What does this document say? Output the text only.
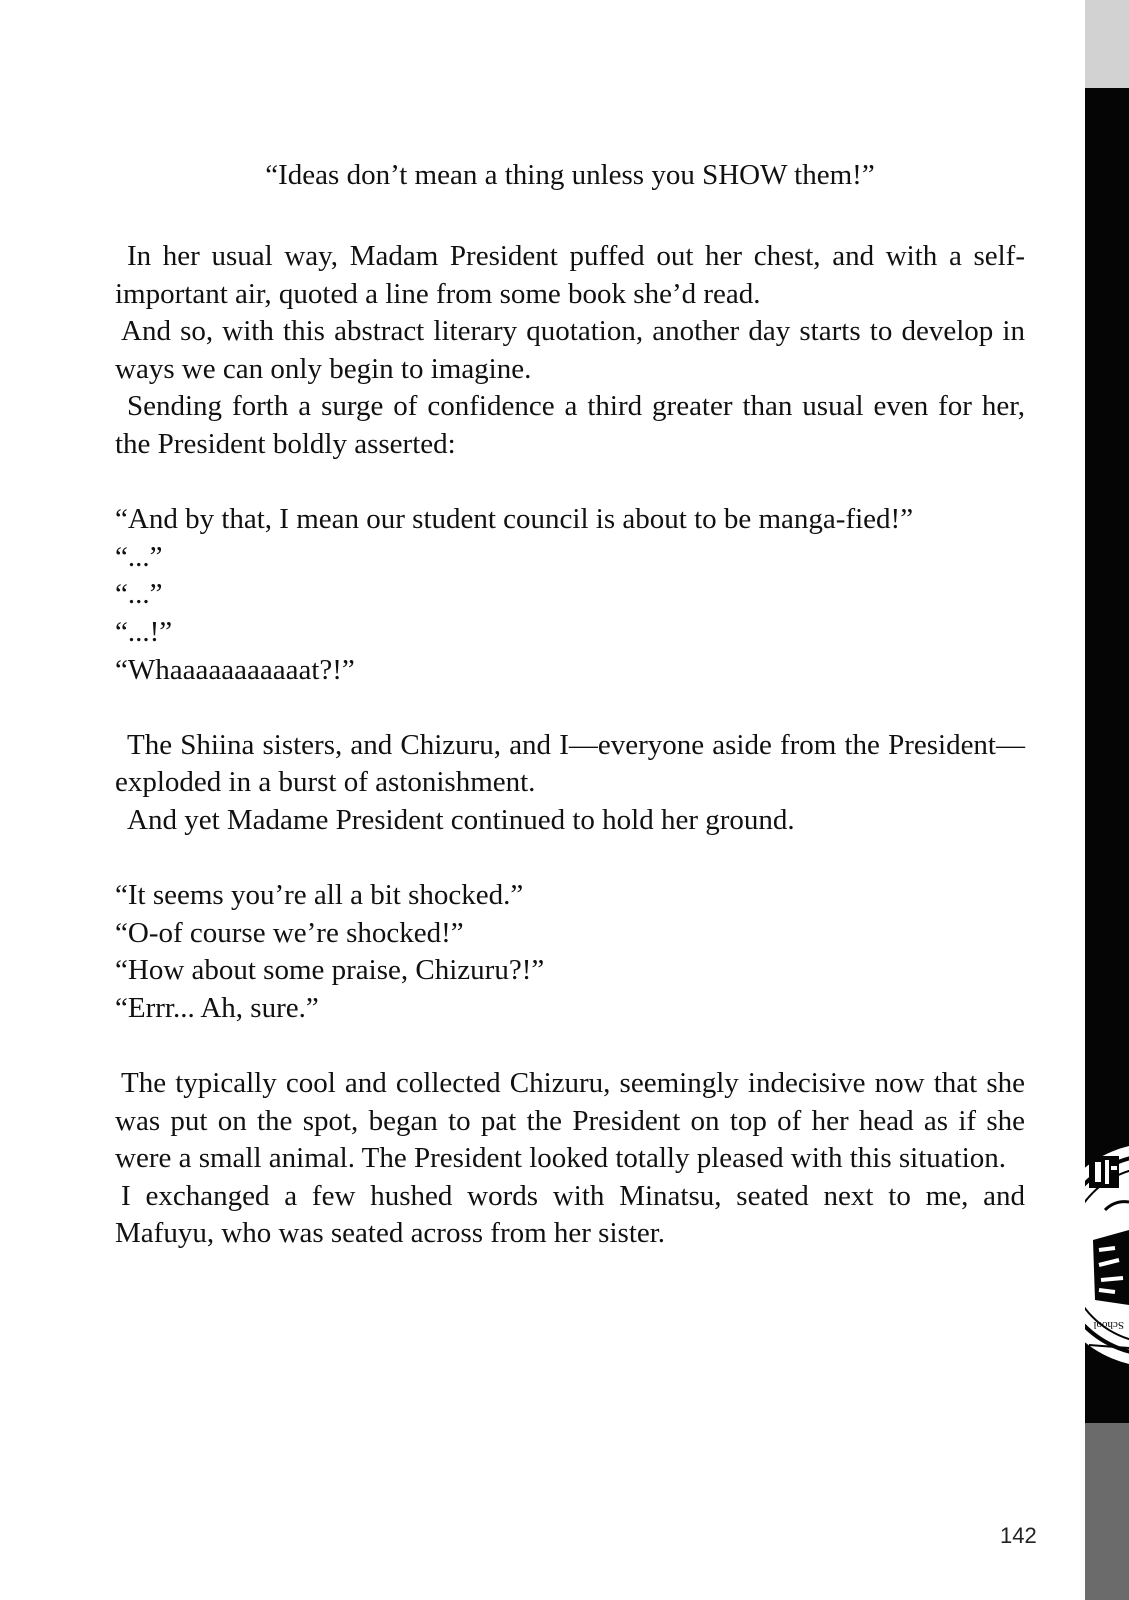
“Ideas don’t mean a thing unless you SHOW them!”

In her usual way, Madam President puffed out her chest, and with a self-important air, quoted a line from some book she’d read.

And so, with this abstract literary quotation, another day starts to develop in ways we can only begin to imagine.

Sending forth a surge of confidence a third greater than usual even for her, the President boldly asserted:

“And by that, I mean our student council is about to be manga-fied!”

“...”

“...”

“...!”

“Whaaaaaaaaaaat?!”

The Shiina sisters, and Chizuru, and I—everyone aside from the President—exploded in a burst of astonishment.

And yet Madame President continued to hold her ground.

“It seems you’re all a bit shocked.”

“O-of course we’re shocked!”

“How about some praise, Chizuru?!”

“Errr... Ah, sure.”

The typically cool and collected Chizuru, seemingly indecisive now that she was put on the spot, began to pat the President on top of her head as if she were a small animal. The President looked totally pleased with this situation.

I exchanged a few hushed words with Minatsu, seated next to me, and Mafuyu, who was seated across from her sister.

142
School
